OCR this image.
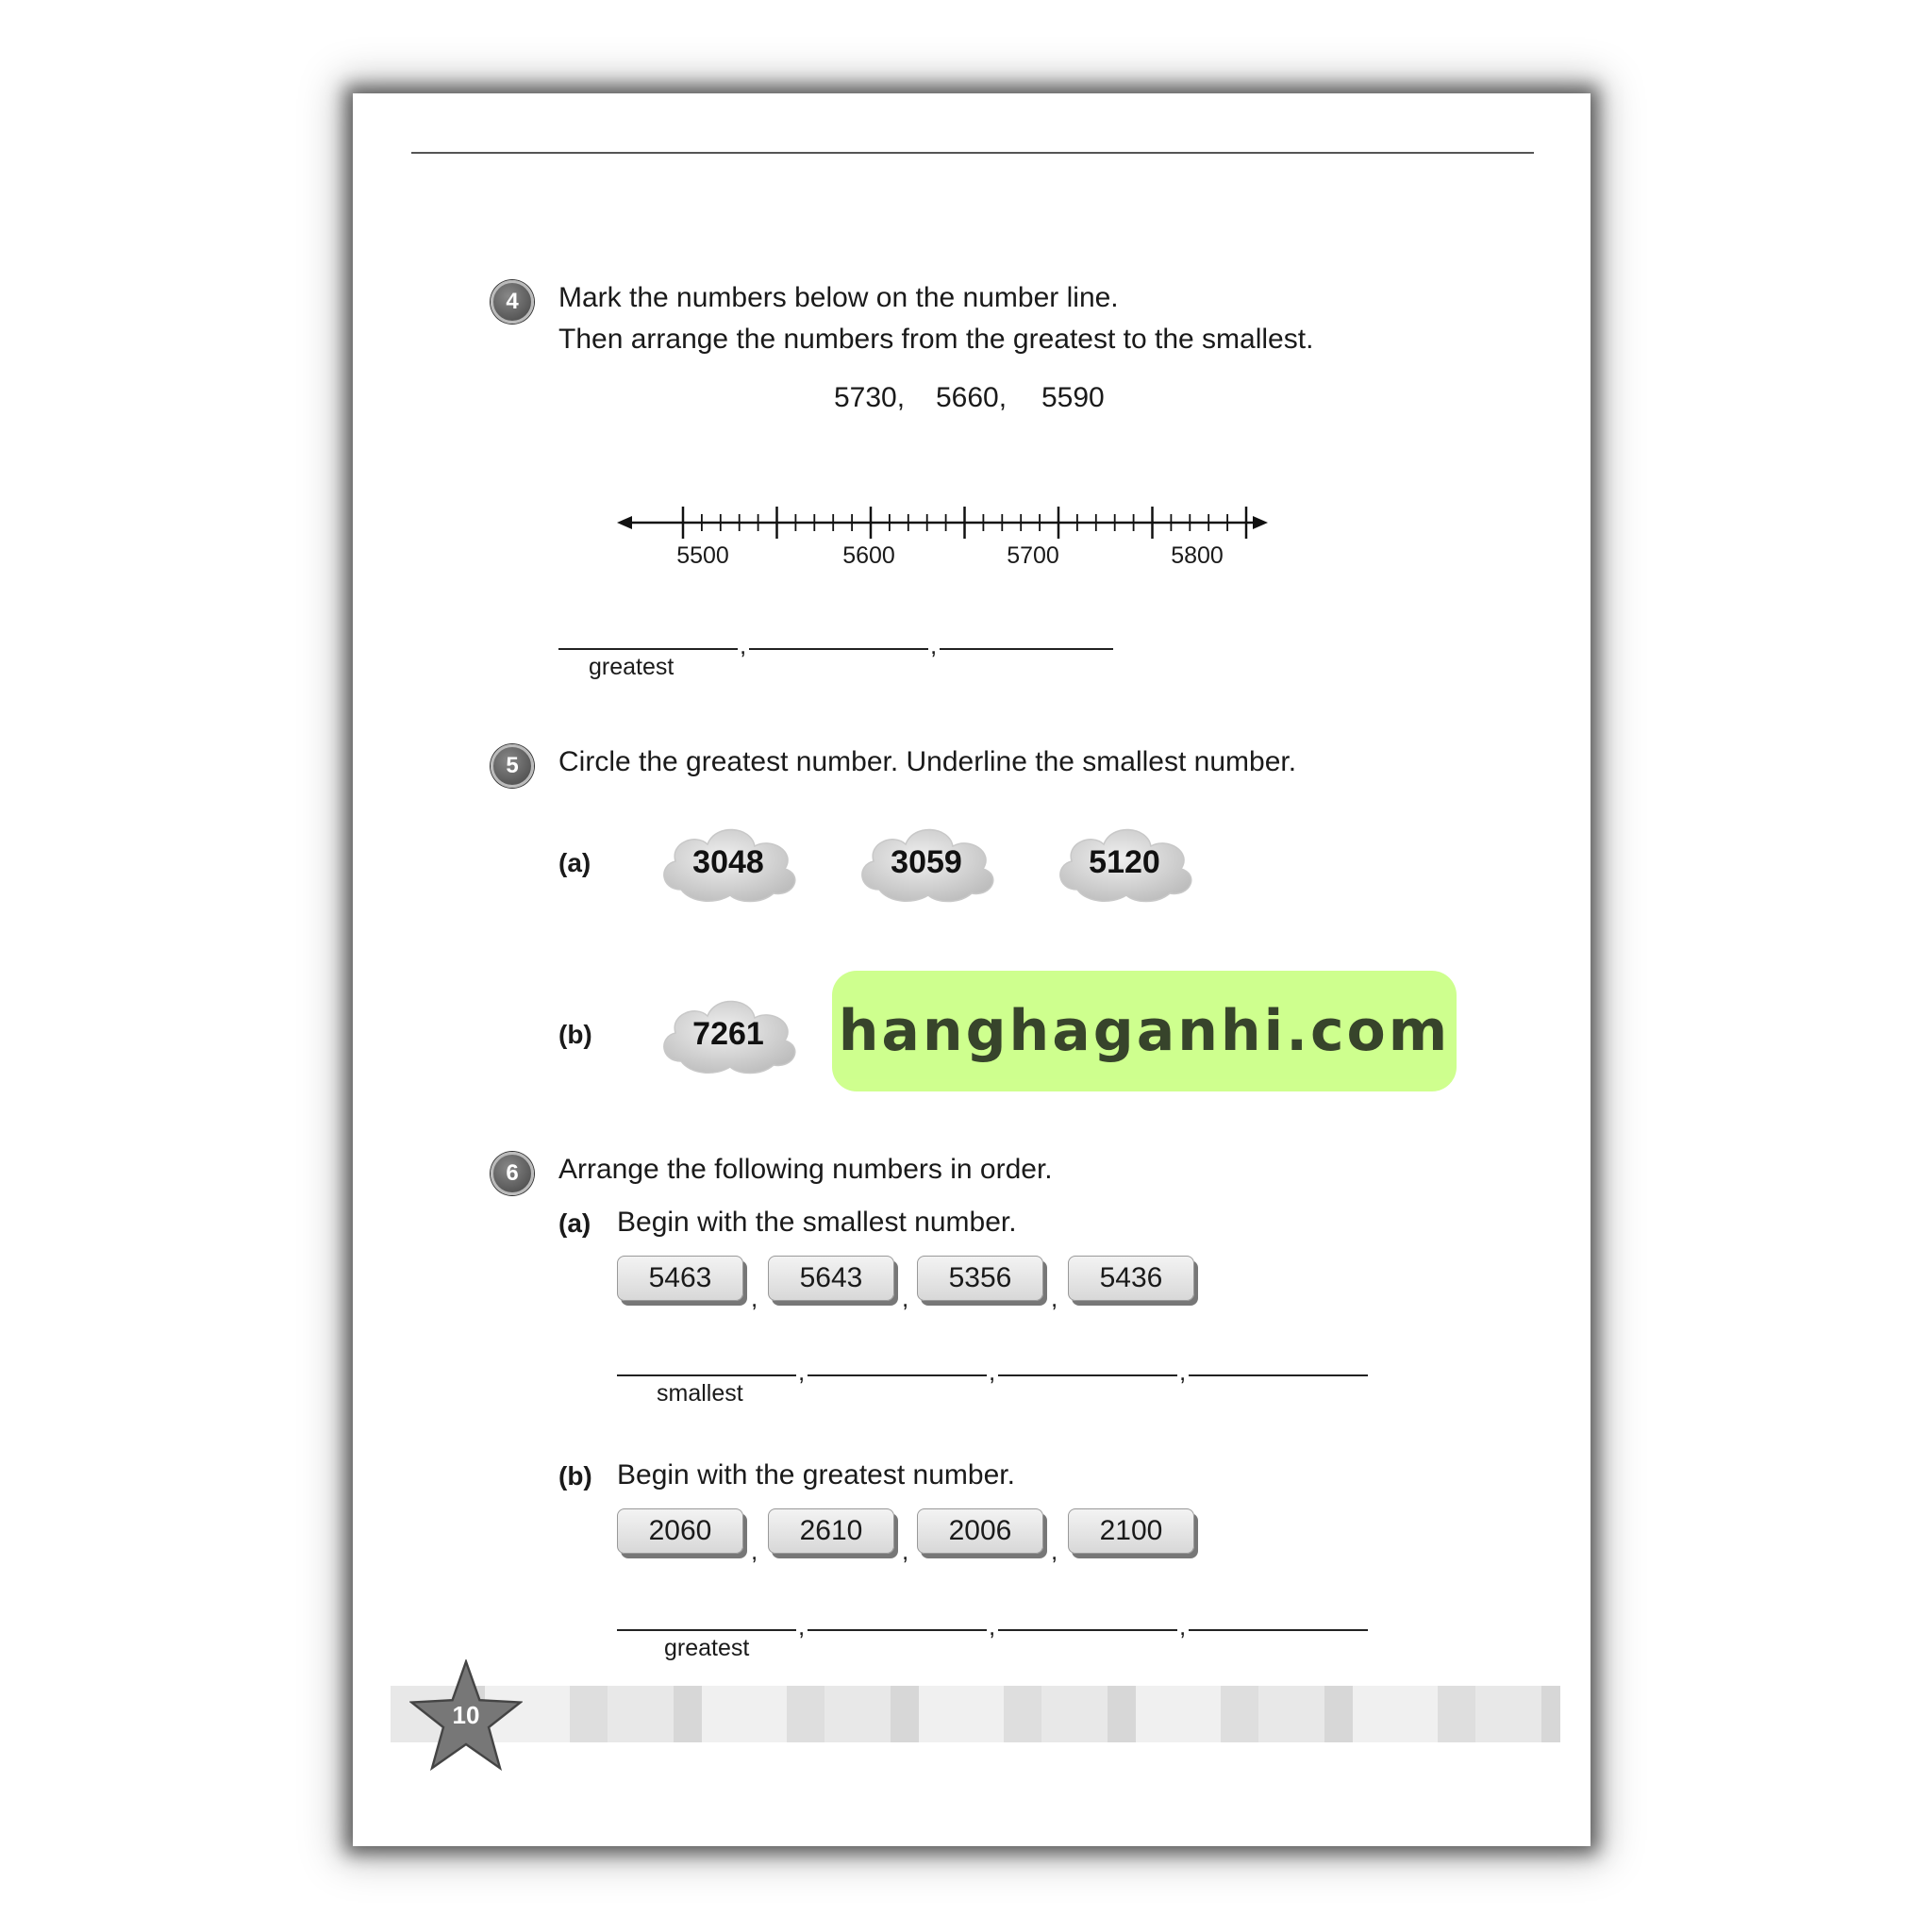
4	Mark the numbers below on the number line.
Then arrange the numbers from the greatest to the smallest.
5730, 5660, 5590
5500	5600	5700	5800
,	,
greatest
5	Circle the greatest number. Underline the smallest number.
(a)	3048	3059	5120
(b)	7261	hanghaganhi.com
6	Arrange the following numbers in order.
(a) Begin with the smallest number.
5463
,
5643
,
5356
,
5436
,	,	,
smallest
(b) Begin with the greatest number.
2060
,
2610
,
2006
,
2100
,	,	,
greatest
10
